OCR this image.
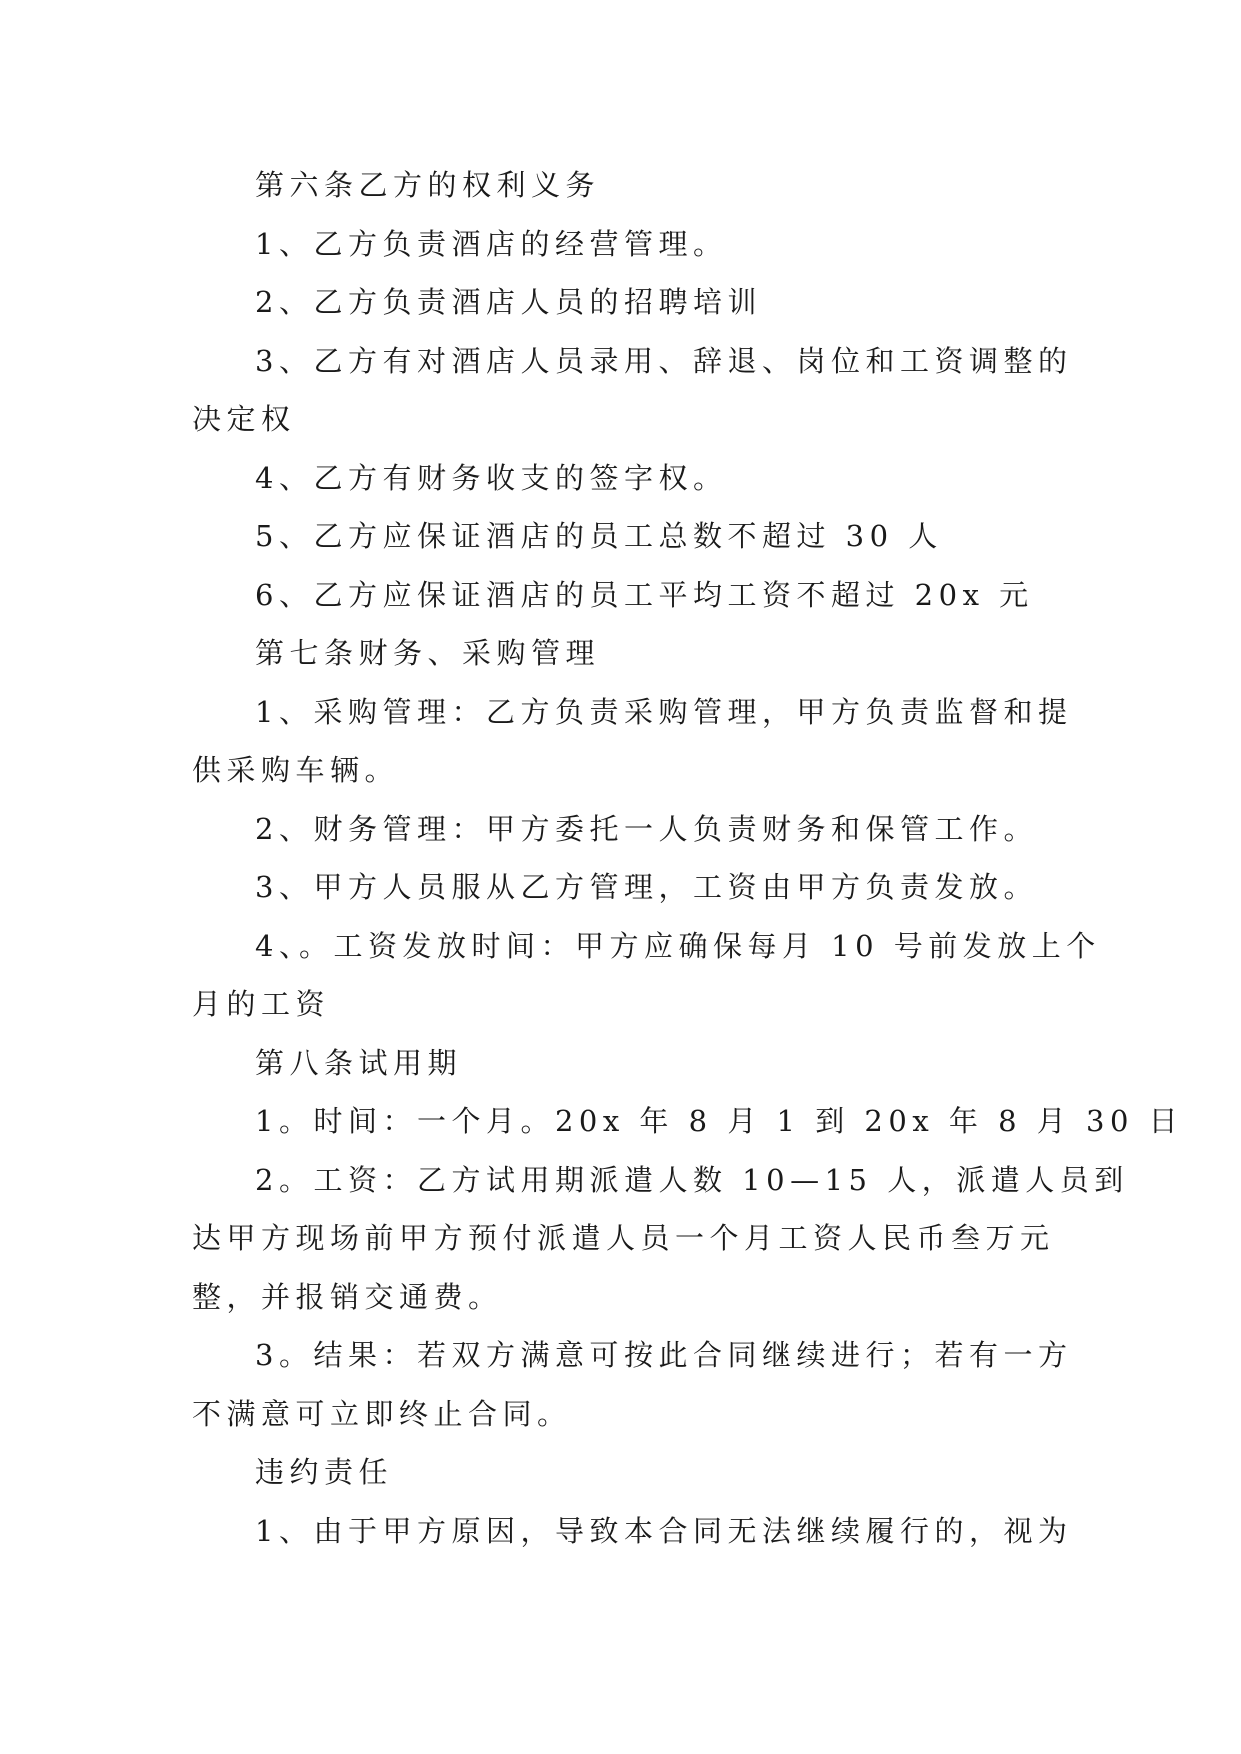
第六条乙方的权利义务
1、乙方负责酒店的经营管理。
2、乙方负责酒店人员的招聘培训
3、乙方有对酒店人员录用、辞退、岗位和工资调整的
决定权
4、乙方有财务收支的签字权。
5、乙方应保证酒店的员工总数不超过 30 人
6、乙方应保证酒店的员工平均工资不超过 20x 元
第七条财务、采购管理
1、采购管理：乙方负责采购管理，甲方负责监督和提
供采购车辆。
2、财务管理：甲方委托一人负责财务和保管工作。
3、甲方人员服从乙方管理，工资由甲方负责发放。
4、。工资发放时间：甲方应确保每月 10 号前发放上个
月的工资
第八条试用期
1。时间：一个月。20x 年 8 月 1 到 20x 年 8 月 30 日
2。工资：乙方试用期派遣人数 10—15 人，派遣人员到
达甲方现场前甲方预付派遣人员一个月工资人民币叁万元
整，并报销交通费。
3。结果：若双方满意可按此合同继续进行；若有一方
不满意可立即终止合同。
违约责任
1、由于甲方原因，导致本合同无法继续履行的，视为
